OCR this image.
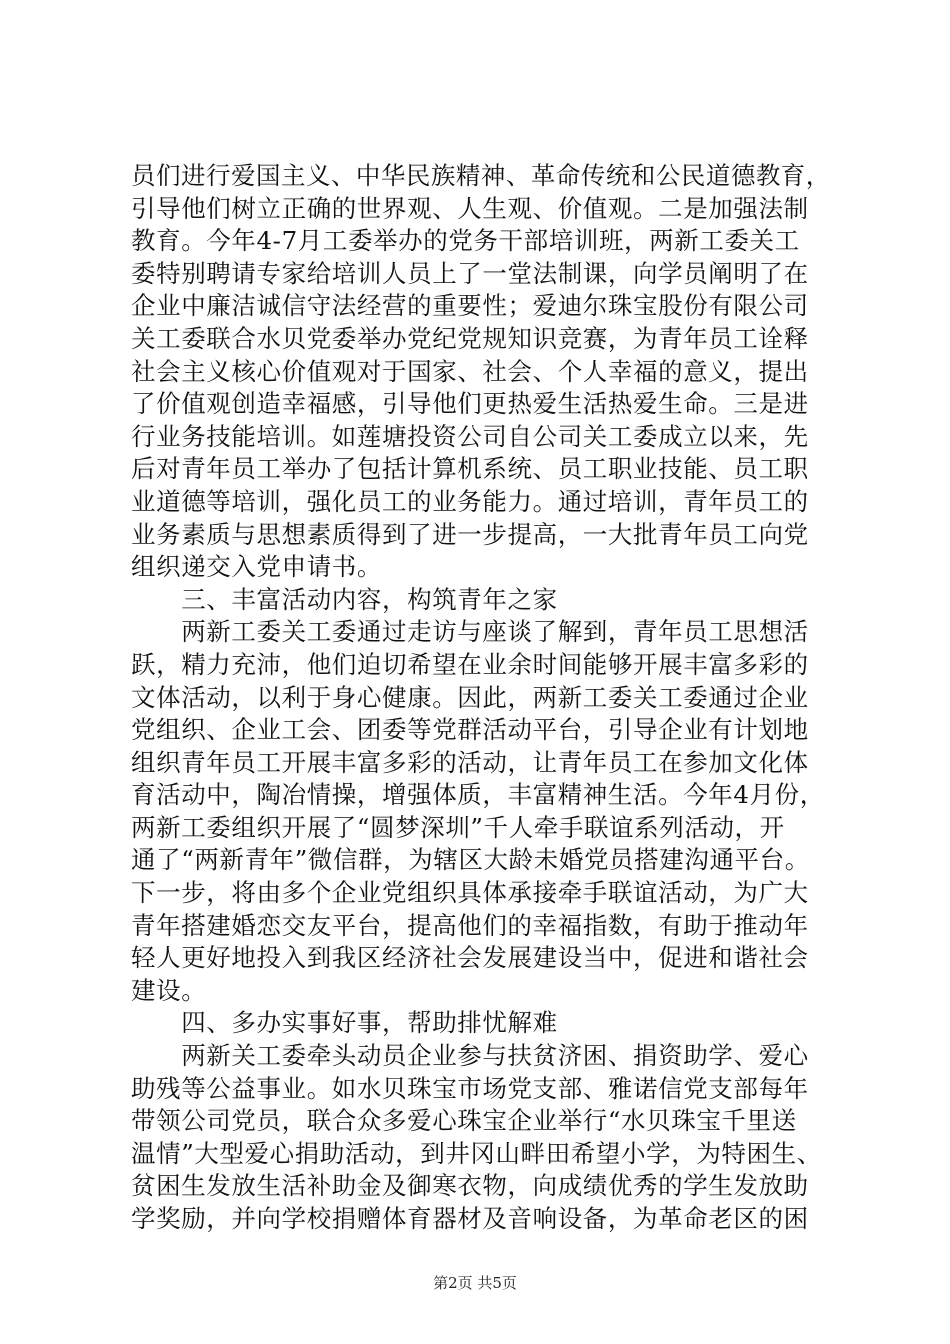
员们进行爱国主义、中华民族精神、革命传统和公民道德教育，
引导他们树立正确的世界观、人生观、价值观。二是加强法制
教育。今年4-7月工委举办的党务干部培训班，两新工委关工
委特别聘请专家给培训人员上了一堂法制课，向学员阐明了在
企业中廉洁诚信守法经营的重要性；爱迪尔珠宝股份有限公司
关工委联合水贝党委举办党纪党规知识竞赛，为青年员工诠释
社会主义核心价值观对于国家、社会、个人幸福的意义，提出
了价值观创造幸福感，引导他们更热爱生活热爱生命。三是进
行业务技能培训。如莲塘投资公司自公司关工委成立以来，先
后对青年员工举办了包括计算机系统、员工职业技能、员工职
业道德等培训，强化员工的业务能力。通过培训，青年员工的
业务素质与思想素质得到了进一步提高，一大批青年员工向党
组织递交入党申请书。
　　三、丰富活动内容，构筑青年之家
　　两新工委关工委通过走访与座谈了解到，青年员工思想活
跃，精力充沛，他们迫切希望在业余时间能够开展丰富多彩的
文体活动，以利于身心健康。因此，两新工委关工委通过企业
党组织、企业工会、团委等党群活动平台，引导企业有计划地
组织青年员工开展丰富多彩的活动，让青年员工在参加文化体
育活动中，陶冶情操，增强体质，丰富精神生活。今年4月份，
两新工委组织开展了“圆梦深圳”千人牵手联谊系列活动，开
通了“两新青年”微信群，为辖区大龄未婚党员搭建沟通平台。
下一步，将由多个企业党组织具体承接牵手联谊活动，为广大
青年搭建婚恋交友平台，提高他们的幸福指数，有助于推动年
轻人更好地投入到我区经济社会发展建设当中，促进和谐社会
建设。
　　四、多办实事好事，帮助排忧解难
　　两新关工委牵头动员企业参与扶贫济困、捐资助学、爱心
助残等公益事业。如水贝珠宝市场党支部、雅诺信党支部每年
带领公司党员，联合众多爱心珠宝企业举行“水贝珠宝千里送
温情”大型爱心捐助活动，到井冈山畔田希望小学，为特困生、
贫困生发放生活补助金及御寒衣物，向成绩优秀的学生发放助
学奖励，并向学校捐赠体育器材及音响设备，为革命老区的困
第2页 共5页
